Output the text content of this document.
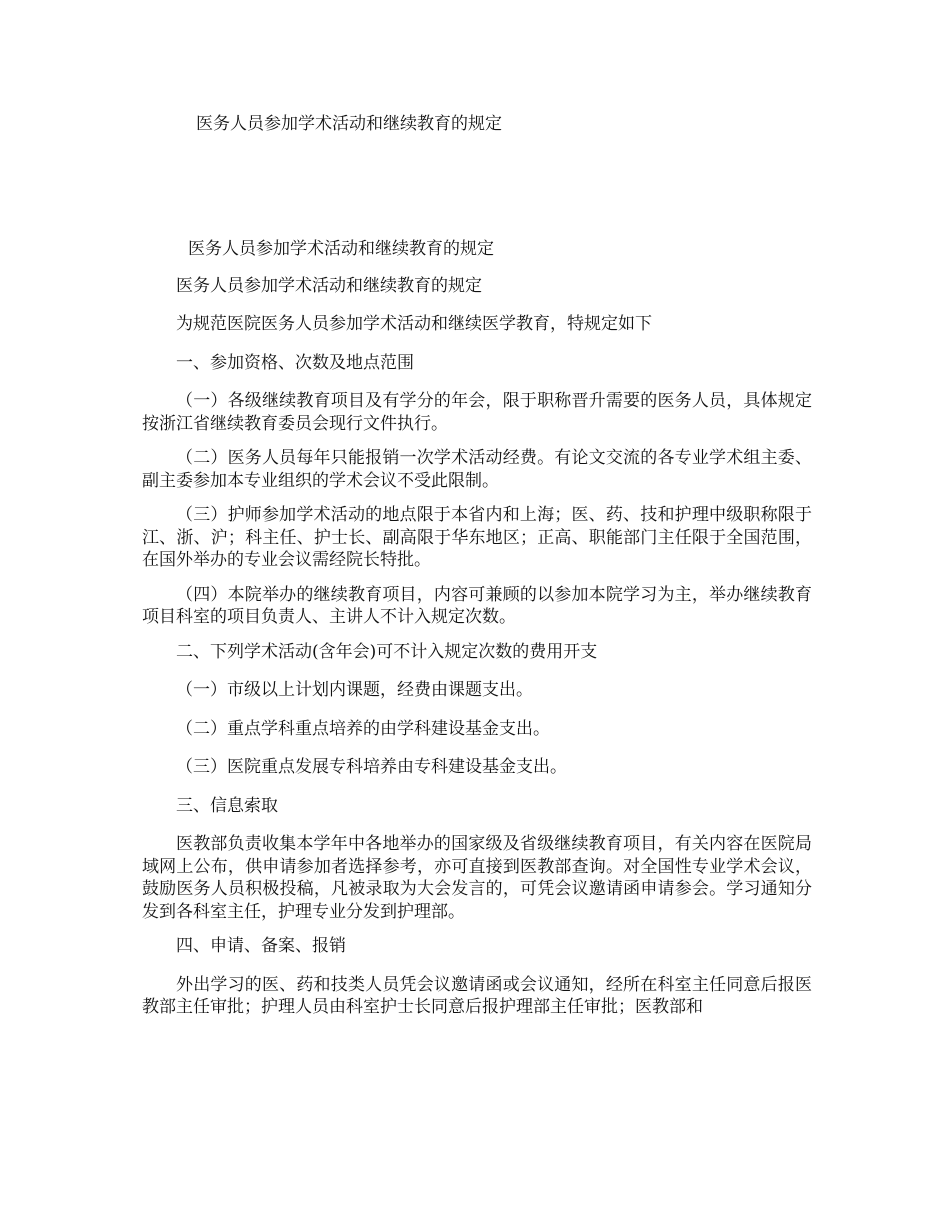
医务人员参加学术活动和继续教育的规定

医务人员参加学术活动和继续教育的规定

医务人员参加学术活动和继续教育的规定

为规范医院医务人员参加学术活动和继续医学教育，特规定如下

一、参加资格、次数及地点范围

（一）各级继续教育项目及有学分的年会，限于职称晋升需要的医务人员，具体规定按浙江省继续教育委员会现行文件执行。

（二）医务人员每年只能报销一次学术活动经费。有论文交流的各专业学术组主委、副主委参加本专业组织的学术会议不受此限制。

（三）护师参加学术活动的地点限于本省内和上海；医、药、技和护理中级职称限于江、浙、沪；科主任、护士长、副高限于华东地区；正高、职能部门主任限于全国范围，在国外举办的专业会议需经院长特批。

（四）本院举办的继续教育项目，内容可兼顾的以参加本院学习为主，举办继续教育项目科室的项目负责人、主讲人不计入规定次数。

二、下列学术活动(含年会)可不计入规定次数的费用开支

（一）市级以上计划内课题，经费由课题支出。

（二）重点学科重点培养的由学科建设基金支出。

（三）医院重点发展专科培养由专科建设基金支出。

三、信息索取

医教部负责收集本学年中各地举办的国家级及省级继续教育项目，有关内容在医院局域网上公布，供申请参加者选择参考，亦可直接到医教部查询。对全国性专业学术会议，鼓励医务人员积极投稿，凡被录取为大会发言的，可凭会议邀请函申请参会。学习通知分发到各科室主任，护理专业分发到护理部。

四、申请、备案、报销

外出学习的医、药和技类人员凭会议邀请函或会议通知，经所在科室主任同意后报医教部主任审批；护理人员由科室护士长同意后报护理部主任审批；医教部和
